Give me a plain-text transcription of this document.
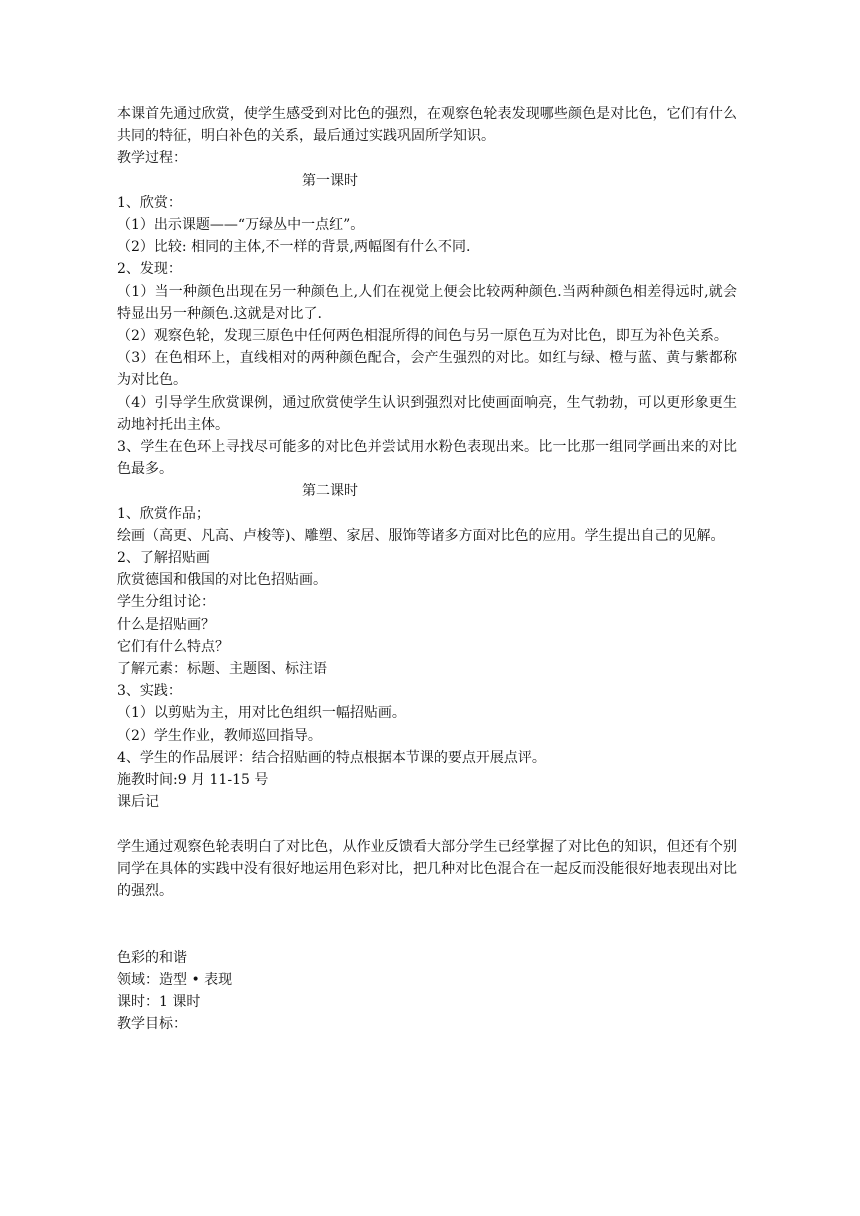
本课首先通过欣赏，使学生感受到对比色的强烈，在观察色轮表发现哪些颜色是对比色，它们有什么共同的特征，明白补色的关系，最后通过实践巩固所学知识。
教学过程：
第一课时
1、欣赏：
（1）出示课题——“万绿丛中一点红”。
（2）比较: 相同的主体,不一样的背景,两幅图有什么不同.
2、发现：
（1）当一种颜色出现在另一种颜色上,人们在视觉上便会比较两种颜色.当两种颜色相差得远时,就会特显出另一种颜色.这就是对比了.
（2）观察色轮，发现三原色中任何两色相混所得的间色与另一原色互为对比色，即互为补色关系。
（3）在色相环上，直线相对的两种颜色配合，会产生强烈的对比。如红与绿、橙与蓝、黄与紫都称为对比色。
（4）引导学生欣赏课例，通过欣赏使学生认识到强烈对比使画面响亮，生气勃勃，可以更形象更生动地衬托出主体。
3、学生在色环上寻找尽可能多的对比色并尝试用水粉色表现出来。比一比那一组同学画出来的对比色最多。
第二课时
1、欣赏作品；
绘画（高更、凡高、卢梭等)、雕塑、家居、服饰等诸多方面对比色的应用。学生提出自己的见解。
2、了解招贴画
欣赏德国和俄国的对比色招贴画。
学生分组讨论：
什么是招贴画？
它们有什么特点？
了解元素：标题、主题图、标注语
3、实践：
（1）以剪贴为主，用对比色组织一幅招贴画。
（2）学生作业，教师巡回指导。
4、学生的作品展评：结合招贴画的特点根据本节课的要点开展点评。
施教时间:9 月 11-15 号
课后记
学生通过观察色轮表明白了对比色，从作业反馈看大部分学生已经掌握了对比色的知识，但还有个别同学在具体的实践中没有很好地运用色彩对比，把几种对比色混合在一起反而没能很好地表现出对比的强烈。
色彩的和谐
领域：造型 • 表现
课时：1 课时
教学目标：
